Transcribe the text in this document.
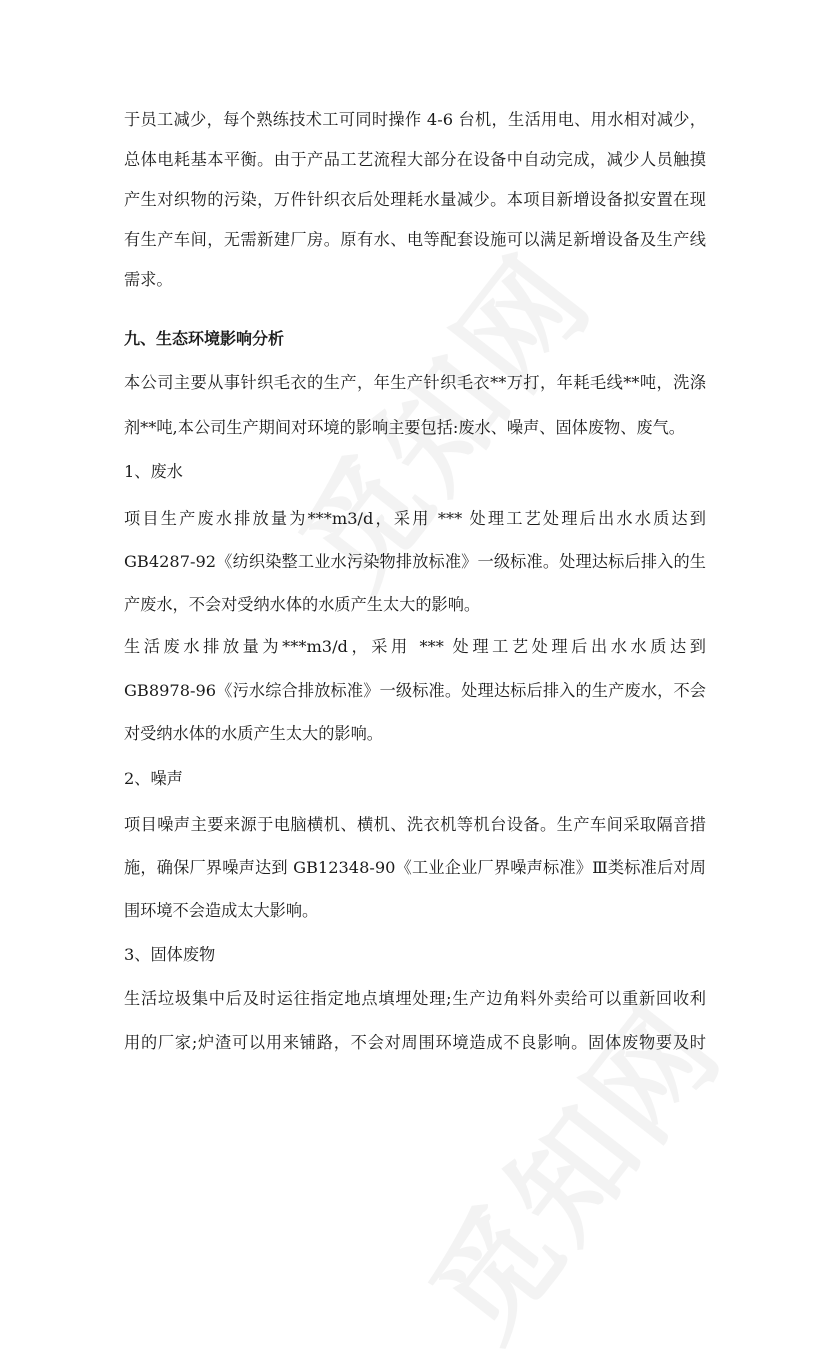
于员工减少，每个熟练技术工可同时操作 4-6 台机，生活用电、用水相对减少，
总体电耗基本平衡。由于产品工艺流程大部分在设备中自动完成，减少人员触摸
产生对织物的污染，万件针织衣后处理耗水量减少。本项目新增设备拟安置在现
有生产车间，无需新建厂房。原有水、电等配套设施可以满足新增设备及生产线
需求。
九、生态环境影响分析
本公司主要从事针织毛衣的生产，年生产针织毛衣**万打，年耗毛线**吨，洗涤
剂**吨,本公司生产期间对环境的影响主要包括:废水、噪声、固体废物、废气。
1、废水
项目生产废水排放量为***m3/d，采用 *** 处理工艺处理后出水水质达到
GB4287-92《纺织染整工业水污染物排放标准》一级标准。处理达标后排入的生
产废水，不会对受纳水体的水质产生太大的影响。
生活废水排放量为***m3/d，采用 *** 处理工艺处理后出水水质达到
GB8978-96《污水综合排放标准》一级标准。处理达标后排入的生产废水，不会
对受纳水体的水质产生太大的影响。
2、噪声
项目噪声主要来源于电脑横机、横机、洗衣机等机台设备。生产车间采取隔音措
施，确保厂界噪声达到 GB12348-90《工业企业厂界噪声标准》Ⅲ类标准后对周
围环境不会造成太大影响。
3、固体废物
生活垃圾集中后及时运往指定地点填埋处理;生产边角料外卖给可以重新回收利
用的厂家;炉渣可以用来铺路，不会对周围环境造成不良影响。固体废物要及时
